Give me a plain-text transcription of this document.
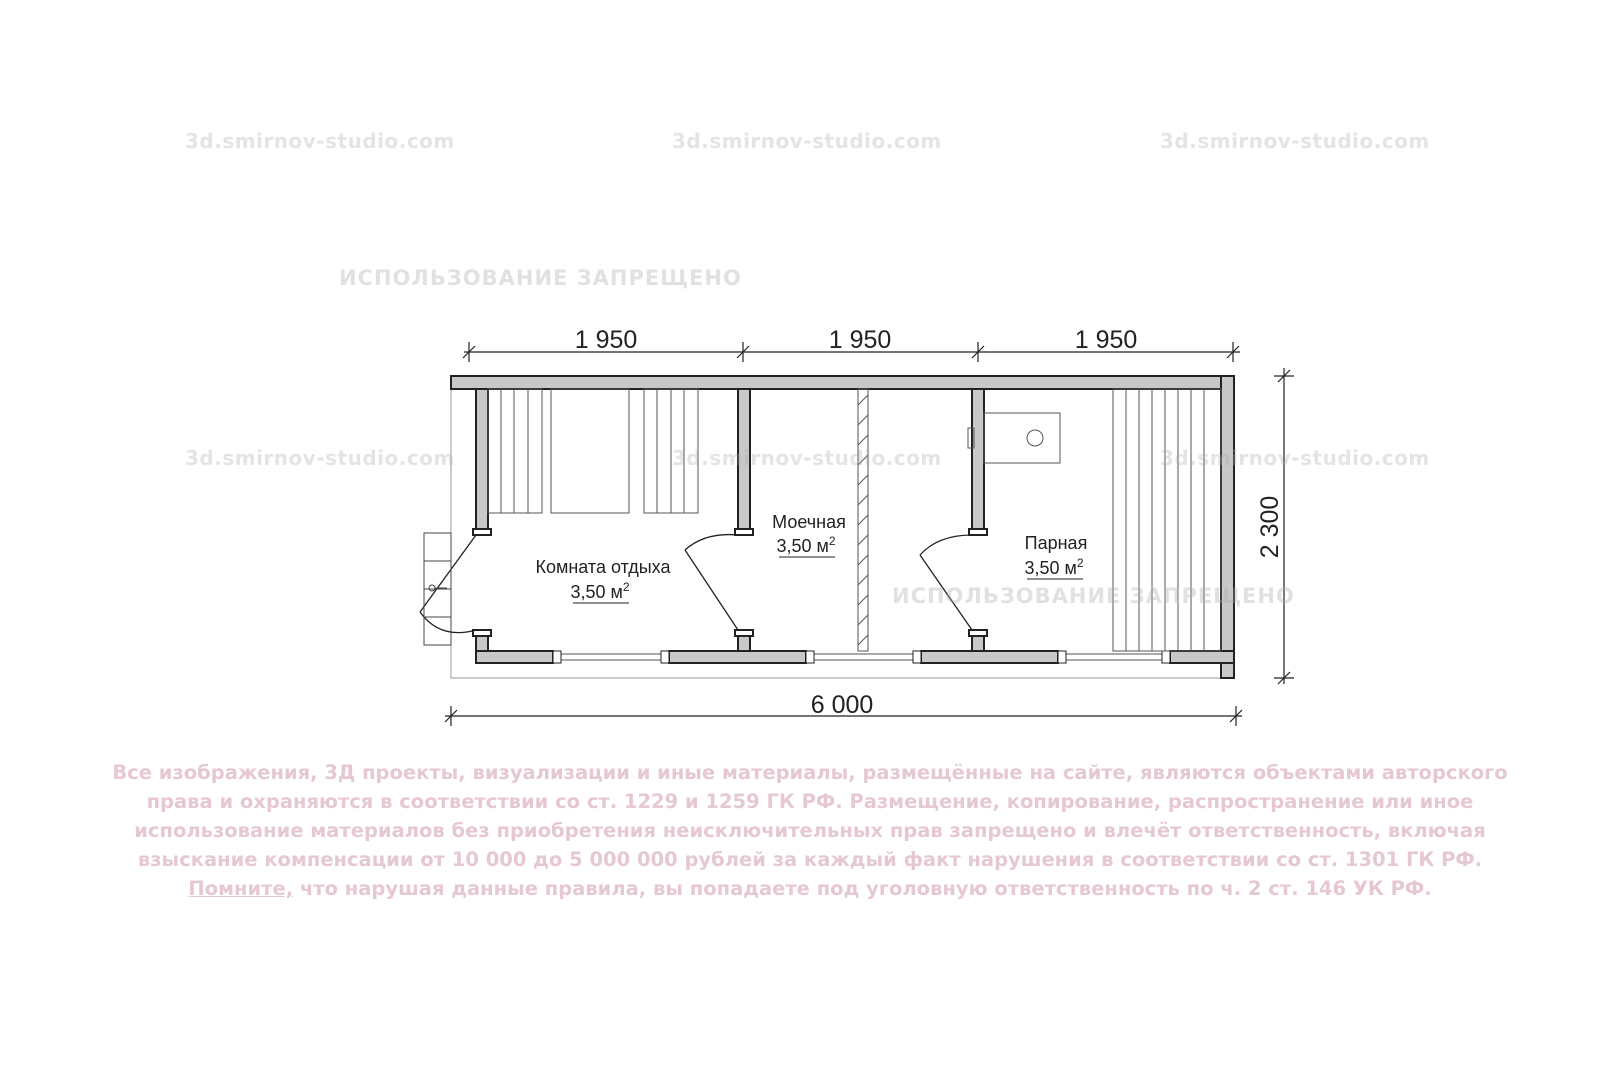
1 950	1 950	1 950
6 000
2 300
Комната отдыха
3,50 $м^2$
Моечная
3,50 $м^2$	Парная
3,50 $м^2$
3d.smirnov-studio.com	3d.smirnov-studio.com	3d.smirnov-studio.com
3d.smirnov-studio.com	3d.smirnov-studio.com	3d.smirnov-studio.com
ИСПОЛЬЗОВАНИЕ ЗАПРЕЩЕНО
ИСПОЛЬЗОВАНИЕ ЗАПРЕЩЕНО
Все изображения, 3Д проекты, визуализации и иные материалы, размещённые на сайте, являются объектами авторского
права и охраняются в соответствии со ст. 1229 и 1259 ГК РФ. Размещение, копирование, распространение или иное
использование материалов без приобретения неисключительных прав запрещено и влечёт ответственность, включая
взыскание компенсации от 10 000 до 5 000 000 рублей за каждый факт нарушения в соответствии со ст. 1301 ГК РФ.
Помните, что нарушая данные правила, вы попадаете под уголовную ответственность по ч. 2 ст. 146 УК РФ.
